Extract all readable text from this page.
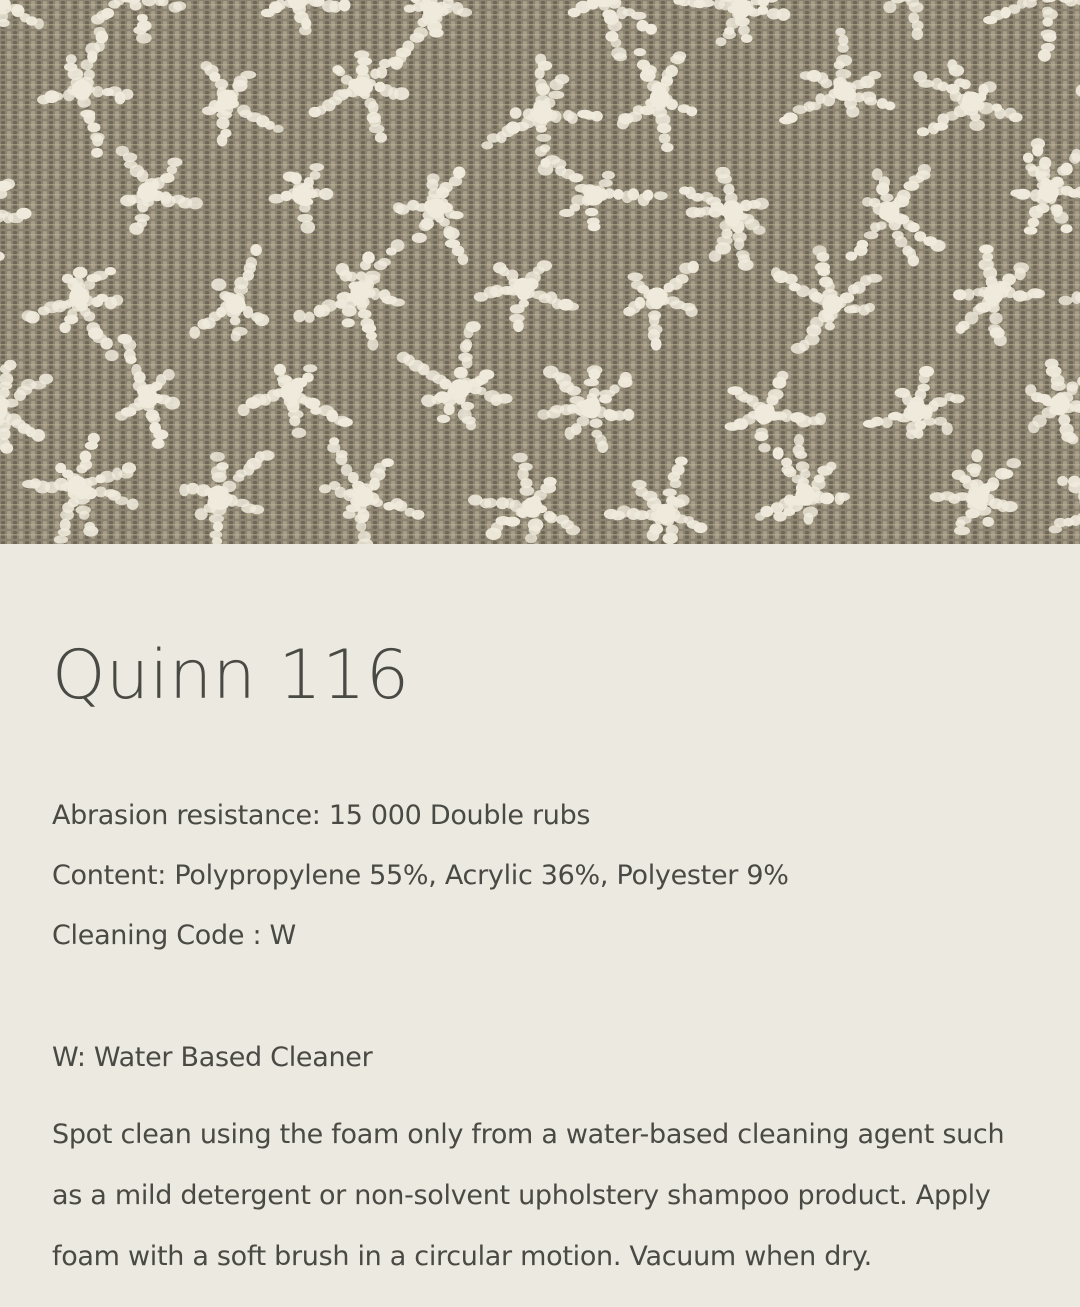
Quinn 116
Abrasion resistance: 15 000 Double rubs
Content: Polypropylene 55%, Acrylic 36%, Polyester 9%
Cleaning Code : W
W: Water Based Cleaner
Spot clean using the foam only from a water-based cleaning agent such as a mild detergent or non-solvent upholstery shampoo product. Apply foam with a soft brush in a circular motion. Vacuum when dry.
